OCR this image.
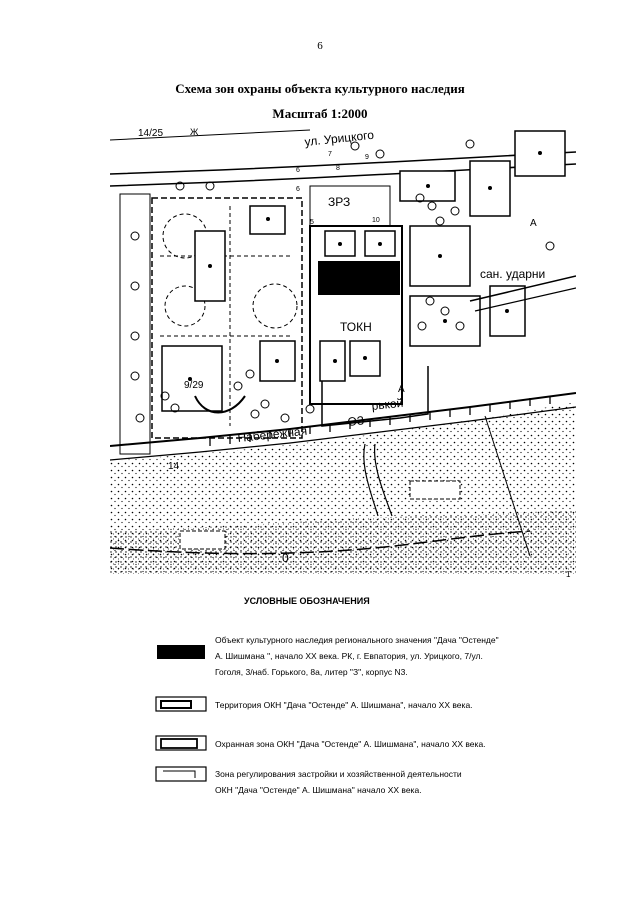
6
Схема зон охраны объекта культурного наследия
Масштаб 1:2000
0
ЗРЗ
ТОКН
сан. ударни
А
5
6
7
8
9
10
ул. Урицкого
14/25	Ж
9/29
14
А
6
Набережная
рькой
ОЗ
1
УСЛОВНЫЕ ОБОЗНАЧЕНИЯ
Объект культурного наследия регионального значения "Дача "Остенде"
А. Шишмана ", начало XX века. РК, г. Евпатория, ул. Урицкого, 7/ул.
Гоголя, 3/наб. Горького, 8а, литер "З", корпус N3.
Территория ОКН "Дача "Остенде" А. Шишмана", начало XX века.
Охранная зона ОКН "Дача "Остенде" А. Шишмана", начало XX века.
Зона регулирования застройки и хозяйственной деятельности
ОКН "Дача "Остенде" А. Шишмана" начало XX века.
